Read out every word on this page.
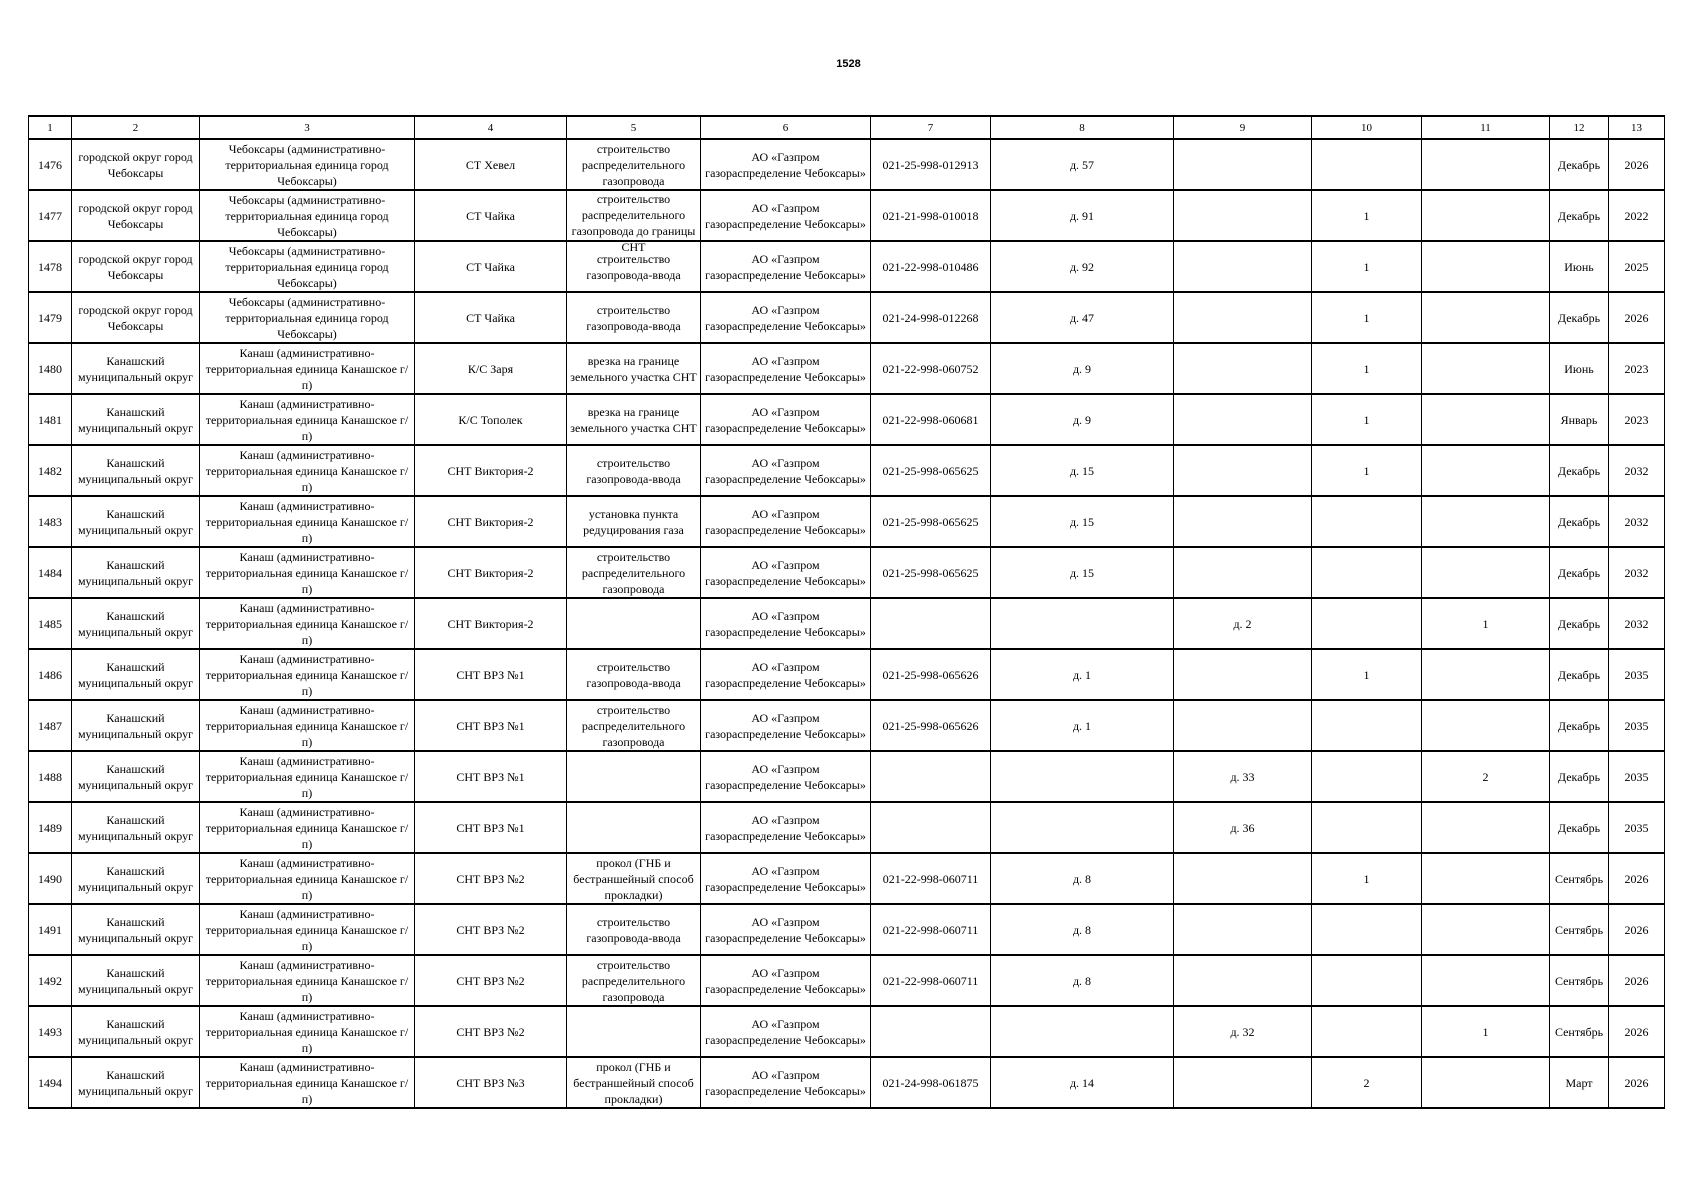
1528
1	2	3	4	5	6	7	8	9	10	11	12	13

1476	городской округ город Чебоксары	Чебоксары (административно-территориальная единица город Чебоксары)	СТ Хевел	строительство распределительного газопровода	АО «Газпром газораспределение Чебоксары»	021-25-998-012913	д. 57				Декабрь	2026

1477	городской округ город Чебоксары	Чебоксары (административно-территориальная единица город Чебоксары)	СТ Чайка	строительство распределительного газопровода до границы СНТ	АО «Газпром газораспределение Чебоксары»	021-21-998-010018	д. 91		1		Декабрь	2022

1478	городской округ город Чебоксары	Чебоксары (административно-территориальная единица город Чебоксары)	СТ Чайка	строительство газопровода-ввода	АО «Газпром газораспределение Чебоксары»	021-22-998-010486	д. 92		1		Июнь	2025

1479	городской округ город Чебоксары	Чебоксары (административно-территориальная единица город Чебоксары)	СТ Чайка	строительство газопровода-ввода	АО «Газпром газораспределение Чебоксары»	021-24-998-012268	д. 47		1		Декабрь	2026

1480	Канашский муниципальный округ	Канаш (административно-территориальная единица Канашское г/п)	К/С Заря	врезка на границе земельного участка СНТ	АО «Газпром газораспределение Чебоксары»	021-22-998-060752	д. 9		1		Июнь	2023

1481	Канашский муниципальный округ	Канаш (административно-территориальная единица Канашское г/п)	К/С Тополек	врезка на границе земельного участка СНТ	АО «Газпром газораспределение Чебоксары»	021-22-998-060681	д. 9		1		Январь	2023

1482	Канашский муниципальный округ	Канаш (административно-территориальная единица Канашское г/п)	СНТ Виктория-2	строительство газопровода-ввода	АО «Газпром газораспределение Чебоксары»	021-25-998-065625	д. 15		1		Декабрь	2032

1483	Канашский муниципальный округ	Канаш (административно-территориальная единица Канашское г/п)	СНТ Виктория-2	установка пункта редуцирования газа	АО «Газпром газораспределение Чебоксары»	021-25-998-065625	д. 15				Декабрь	2032

1484	Канашский муниципальный округ	Канаш (административно-территориальная единица Канашское г/п)	СНТ Виктория-2	строительство распределительного газопровода	АО «Газпром газораспределение Чебоксары»	021-25-998-065625	д. 15				Декабрь	2032

1485	Канашский муниципальный округ	Канаш (административно-территориальная единица Канашское г/п)	СНТ Виктория-2		АО «Газпром газораспределение Чебоксары»			д. 2		1	Декабрь	2032

1486	Канашский муниципальный округ	Канаш (административно-территориальная единица Канашское г/п)	СНТ ВРЗ №1	строительство газопровода-ввода	АО «Газпром газораспределение Чебоксары»	021-25-998-065626	д. 1		1		Декабрь	2035

1487	Канашский муниципальный округ	Канаш (административно-территориальная единица Канашское г/п)	СНТ ВРЗ №1	строительство распределительного газопровода	АО «Газпром газораспределение Чебоксары»	021-25-998-065626	д. 1				Декабрь	2035

1488	Канашский муниципальный округ	Канаш (административно-территориальная единица Канашское г/п)	СНТ ВРЗ №1		АО «Газпром газораспределение Чебоксары»			д. 33		2	Декабрь	2035

1489	Канашский муниципальный округ	Канаш (административно-территориальная единица Канашское г/п)	СНТ ВРЗ №1		АО «Газпром газораспределение Чебоксары»			д. 36			Декабрь	2035

1490	Канашский муниципальный округ	Канаш (административно-территориальная единица Канашское г/п)	СНТ ВРЗ №2	прокол (ГНБ и бестраншейный способ прокладки)	АО «Газпром газораспределение Чебоксары»	021-22-998-060711	д. 8		1		Сентябрь	2026

1491	Канашский муниципальный округ	Канаш (административно-территориальная единица Канашское г/п)	СНТ ВРЗ №2	строительство газопровода-ввода	АО «Газпром газораспределение Чебоксары»	021-22-998-060711	д. 8				Сентябрь	2026

1492	Канашский муниципальный округ	Канаш (административно-территориальная единица Канашское г/п)	СНТ ВРЗ №2	строительство распределительного газопровода	АО «Газпром газораспределение Чебоксары»	021-22-998-060711	д. 8				Сентябрь	2026

1493	Канашский муниципальный округ	Канаш (административно-территориальная единица Канашское г/п)	СНТ ВРЗ №2		АО «Газпром газораспределение Чебоксары»			д. 32		1	Сентябрь	2026

1494	Канашский муниципальный округ	Канаш (административно-территориальная единица Канашское г/п)	СНТ ВРЗ №3	прокол (ГНБ и бестраншейный способ прокладки)	АО «Газпром газораспределение Чебоксары»	021-24-998-061875	д. 14		2		Март	2026
